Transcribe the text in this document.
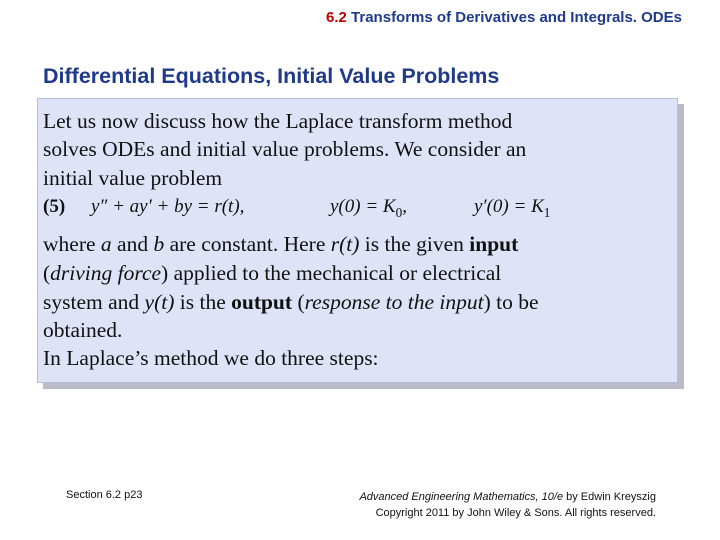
6.2 Transforms of Derivatives and Integrals. ODEs
Differential Equations, Initial Value Problems
Let us now discuss how the Laplace transform method
solves ODEs and initial value problems. We consider an
initial value problem
(5) y″ + ay′ + by = r(t),	$y(0) = K_0$,	$y'(0) = K_1$
where a and b are constant. Here r(t) is the given input
(driving force) applied to the mechanical or electrical
system and y(t) is the output (response to the input) to be
obtained.
In Laplace’s method we do three steps:
Section 6.2 p23	Advanced Engineering Mathematics, 10/e by Edwin Kreyszig
Copyright 2011 by John Wiley & Sons. All rights reserved.
